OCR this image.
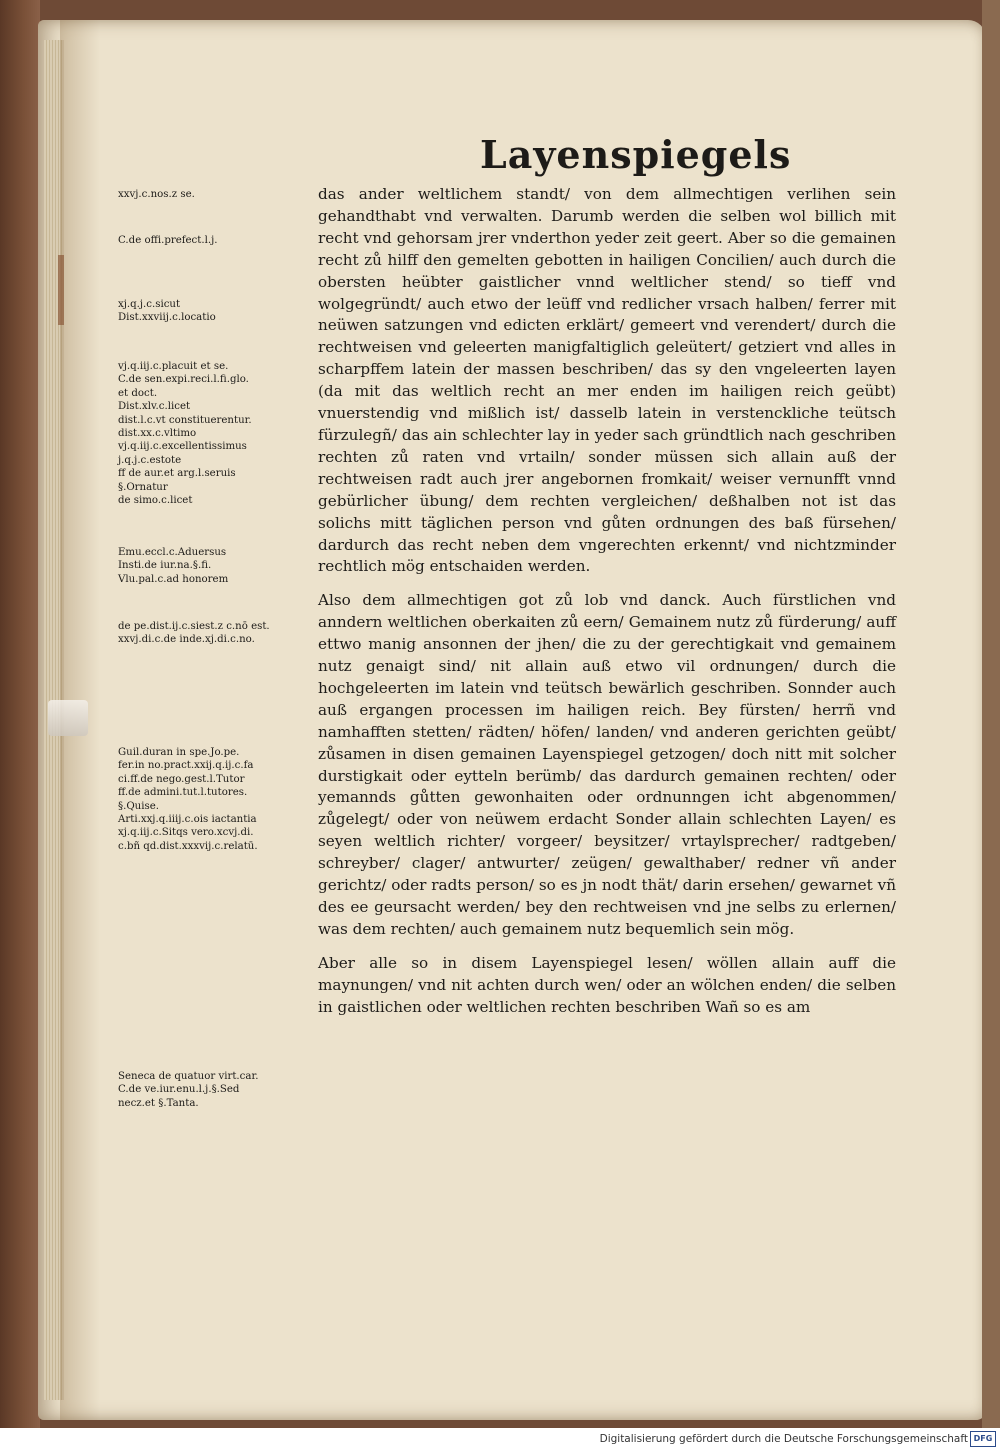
Layenspiegels
xxvj.c.nos.z se.
C.de offi.prefect.l.j.
xj.q.j.c.sicut
Dist.xxviij.c.locatio
vj.q.iij.c.placuit et se.
C.de sen.expi.reci.l.fi.glo.
et doct.
Dist.xlv.c.licet
dist.l.c.vt constituerentur.
dist.xx.c.vltimo
vj.q.iij.c.excellentissimus
j.q.j.c.estote
ff de aur.et arg.l.seruis
§.Ornatur
de simo.c.licet
Emu.eccl.c.Aduersus
Insti.de iur.na.§.fi.
Vlu.pal.c.ad honorem
de pe.dist.ij.c.siest.z c.nō est.
xxvj.di.c.de inde.xj.di.c.no.
Guil.duran in spe.Jo.pe.
fer.in no.pract.xxij.q.ij.c.fa
ci.ff.de nego.gest.l.Tutor
ff.de admini.tut.l.tutores.
§.Quise.
Arti.xxj.q.iiij.c.ois iactantia
xj.q.iij.c.Sitqs vero.xcvj.di.
c.bñ qd.dist.xxxvij.c.relatū.
Seneca de quatuor virt.car.
C.de ve.iur.enu.l.j.§.Sed
necz.et §.Tanta.

das ander weltlichem standt/ von dem allmechtigen verlihen sein gehandthabt vnd verwalten. Darumb werden die selben wol billich mit recht vnd gehorsam jrer vnderthon yeder zeit geert. Aber so die gemainen recht zů hilff den gemelten gebotten in hailigen Concilien/ auch durch die obersten heübter gaistlicher vnnd weltlicher stend/ so tieff vnd wolgegründt/ auch etwo der leüff vnd redlicher vrsach halben/ ferrer mit neüwen satzungen vnd edicten erklärt/ gemeert vnd verendert/ durch die rechtweisen vnd geleerten manigfaltiglich geleütert/ getziert vnd alles in scharpffem latein der massen beschriben/ das sy den vngeleerten layen (da mit das weltlich recht an mer enden im hailigen reich geübt) vnuerstendig vnd mißlich ist/ dasselb latein in verstenckliche teütsch fürzulegñ/ das ain schlechter lay in yeder sach gründtlich nach geschriben rechten zů raten vnd vrtailn/ sonder müssen sich allain auß der rechtweisen radt auch jrer angebornen fromkait/ weiser vernunfft vnnd gebürlicher übung/ dem rechten vergleichen/ deßhalben not ist das solichs mitt täglichen person vnd gůten ordnungen des baß fürsehen/ dardurch das recht neben dem vngerechten erkennt/ vnd nichtzminder rechtlich mög entschaiden werden.

Also dem allmechtigen got zů lob vnd danck. Auch fürstlichen vnd anndern weltlichen oberkaiten zů eern/ Gemainem nutz zů fürderung/ auff ettwo manig ansonnen der jhen/ die zu der gerechtigkait vnd gemainem nutz genaigt sind/ nit allain auß etwo vil ordnungen/ durch die hochgeleerten im latein vnd teütsch bewärlich geschriben. Sonnder auch auß ergangen processen im hailigen reich. Bey fürsten/ herrñ vnd namhafften stetten/ rädten/ höfen/ landen/ vnd anderen gerichten geübt/ zůsamen in disen gemainen Layenspiegel getzogen/ doch nitt mit solcher durstigkait oder eytteln berümb/ das dardurch gemainen rechten/ oder yemannds gůtten gewonhaiten oder ordnunngen icht abgenommen/ zůgelegt/ oder von neüwem erdacht Sonder allain schlechten Layen/ es seyen weltlich richter/ vorgeer/ beysitzer/ vrtaylsprecher/ radtgeben/ schreyber/ clager/ antwurter/ zeügen/ gewalthaber/ redner vñ ander gerichtz/ oder radts person/ so es jn nodt thät/ darin ersehen/ gewarnet vñ des ee geursacht werden/ bey den rechtweisen vnd jne selbs zu erlernen/ was dem rechten/ auch gemainem nutz bequemlich sein mög.

Aber alle so in disem Layenspiegel lesen/ wöllen allain auff die maynungen/ vnd nit achten durch wen/ oder an wölchen enden/ die selben in gaistlichen oder weltlichen rechten beschriben Wañ so es am

Digitalisierung gefördert durch die Deutsche Forschungsgemeinschaft DFG
